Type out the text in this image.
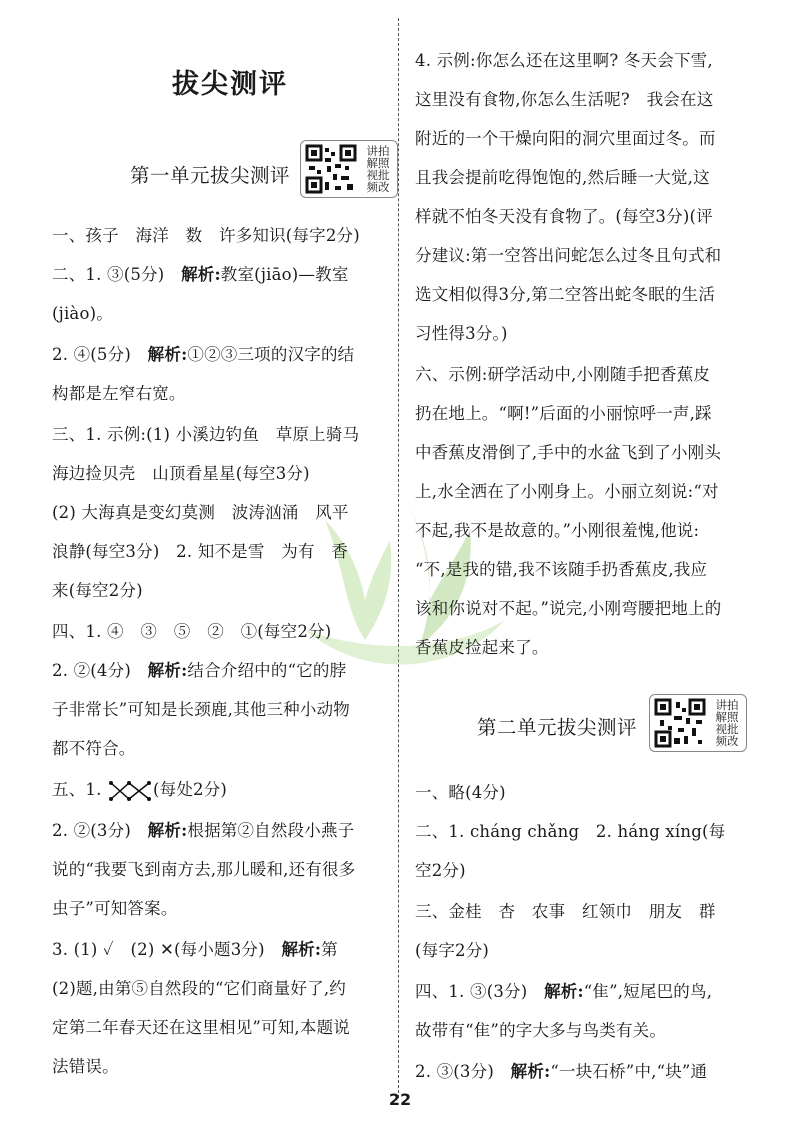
拔尖测评
第一单元拔尖测评
讲拍解照视批频改

一、孩子　海洋　数　许多知识(每字2分)

二、1. ③(5分)　 解析:教室(jiāo)—教室

(jiào)。

2. ④(5分)　 解析:①②③三项的汉字的结

构都是左窄右宽。

三、1. 示例:(1) 小溪边钓鱼　草原上骑马

海边捡贝壳　山顶看星星(每空3分)

(2) 大海真是变幻莫测　波涛汹涌　风平

浪静(每空3分)　2. 知不是雪　为有　香

来(每空2分)

四、1. ④　③　⑤　②　①(每空2分)

2. ②(4分)　 解析:结合介绍中的“它的脖

子非常长”可知是长颈鹿,其他三种小动物

都不符合。

五、1.	(每处2分)

2. ②(3分)　 解析:根据第②自然段小燕子

说的“我要飞到南方去,那儿暖和,还有很多

虫子”可知答案。

3. (1) ✓　(2) ✕(每小题3分)　 解析:第

(2)题,由第⑤自然段的“它们商量好了,约

定第二年春天还在这里相见”可知,本题说

法错误。

4. 示例:你怎么还在这里啊? 冬天会下雪,

这里没有食物,你怎么生活呢?　我会在这

附近的一个干燥向阳的洞穴里面过冬。而

且我会提前吃得饱饱的,然后睡一大觉,这

样就不怕冬天没有食物了。(每空3分)(评

分建议:第一空答出问蛇怎么过冬且句式和

选文相似得3分,第二空答出蛇冬眠的生活

习性得3分。)

六、示例:研学活动中,小刚随手把香蕉皮

扔在地上。“啊!”后面的小丽惊呼一声,踩

中香蕉皮滑倒了,手中的水盆飞到了小刚头

上,水全洒在了小刚身上。小丽立刻说:“对

不起,我不是故意的。”小刚很羞愧,他说:

“不,是我的错,我不该随手扔香蕉皮,我应

该和你说对不起。”说完,小刚弯腰把地上的

香蕉皮捡起来了。

第二单元拔尖测评
讲拍解照视批频改

一、略(4分)

二、1. cháng chǎng　2. háng xíng(每

空2分)

三、金桂　杏　农事　红领巾　朋友　群

(每字2分)

四、1. ③(3分)　 解析:“隹”,短尾巴的鸟,

故带有“隹”的字大多与鸟类有关。

2. ③(3分)　 解析:“一块石桥”中,“块”通

22
